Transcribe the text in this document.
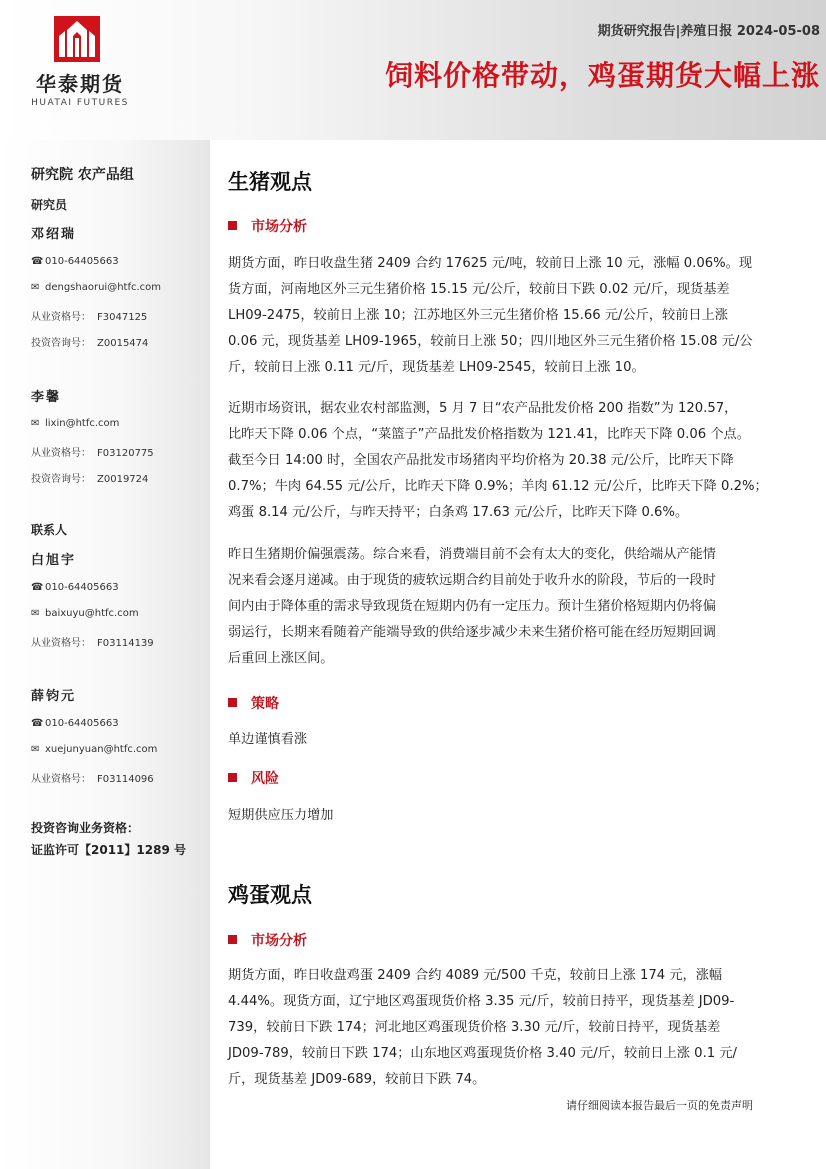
华泰期货
HUATAI FUTURES
期货研究报告|养殖日报 2024-05-08
饲料价格带动，鸡蛋期货大幅上涨
研究院 农产品组
研究员
邓绍瑞
☎ 010-64405663
✉ dengshaorui@htfc.com
从业资格号： F3047125
投资咨询号： Z0015474
李馨
✉ lixin@htfc.com
从业资格号： F03120775
投资咨询号： Z0019724
联系人
白旭宇
☎ 010-64405663
✉ baixuyu@htfc.com
从业资格号： F03114139
薛钧元
☎ 010-64405663
✉ xuejunyuan@htfc.com
从业资格号： F03114096
投资咨询业务资格：
证监许可【2011】1289 号
生猪观点
市场分析
期货方面，昨日收盘生猪 2409 合约 17625 元/吨，较前日上涨 10 元，涨幅 0.06%。现
货方面，河南地区外三元生猪价格 15.15 元/公斤，较前日下跌 0.02 元/斤，现货基差
LH09-2475，较前日上涨 10；江苏地区外三元生猪价格 15.66 元/公斤，较前日上涨
0.06 元，现货基差 LH09-1965，较前日上涨 50；四川地区外三元生猪价格 15.08 元/公
斤，较前日上涨 0.11 元/斤，现货基差 LH09-2545，较前日上涨 10。
近期市场资讯，据农业农村部监测，5 月 7 日“农产品批发价格 200 指数”为 120.57，
比昨天下降 0.06 个点，“菜篮子”产品批发价格指数为 121.41，比昨天下降 0.06 个点。
截至今日 14:00 时，全国农产品批发市场猪肉平均价格为 20.38 元/公斤，比昨天下降
0.7%；牛肉 64.55 元/公斤，比昨天下降 0.9%；羊肉 61.12 元/公斤，比昨天下降 0.2%；
鸡蛋 8.14 元/公斤，与昨天持平；白条鸡 17.63 元/公斤，比昨天下降 0.6%。
昨日生猪期价偏强震荡。综合来看，消费端目前不会有太大的变化，供给端从产能情
况来看会逐月递减。由于现货的疲软远期合约目前处于收升水的阶段，节后的一段时
间内由于降体重的需求导致现货在短期内仍有一定压力。预计生猪价格短期内仍将偏
弱运行，长期来看随着产能端导致的供给逐步减少未来生猪价格可能在经历短期回调
后重回上涨区间。
策略
单边谨慎看涨
风险
短期供应压力增加
鸡蛋观点
市场分析
期货方面，昨日收盘鸡蛋 2409 合约 4089 元/500 千克，较前日上涨 174 元，涨幅
4.44%。现货方面，辽宁地区鸡蛋现货价格 3.35 元/斤，较前日持平，现货基差 JD09-
739，较前日下跌 174；河北地区鸡蛋现货价格 3.30 元/斤，较前日持平，现货基差
JD09-789，较前日下跌 174；山东地区鸡蛋现货价格 3.40 元/斤，较前日上涨 0.1 元/
斤，现货基差 JD09-689，较前日下跌 74。
请仔细阅读本报告最后一页的免责声明
